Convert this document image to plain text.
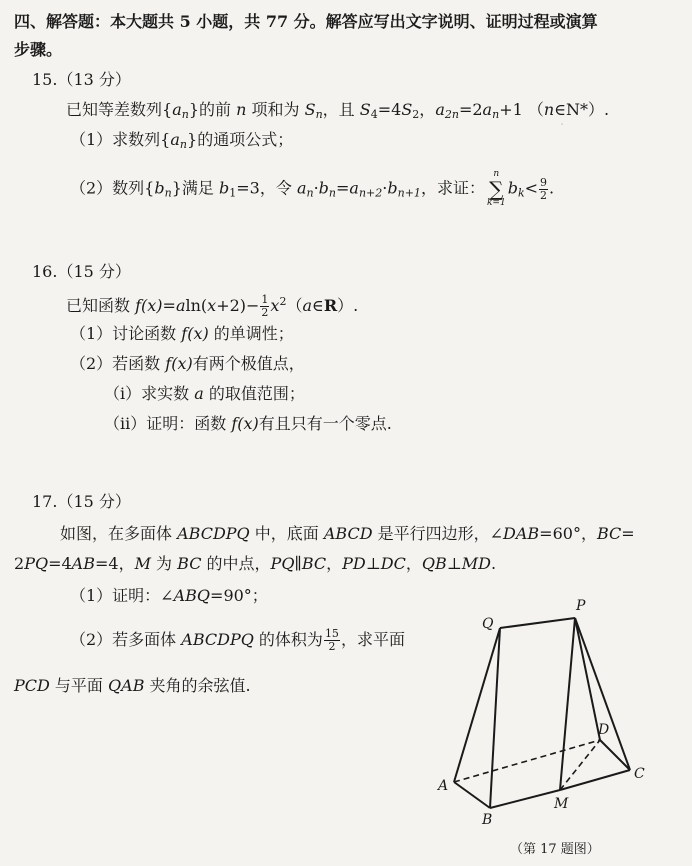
·
四、解答题：本大题共 5 小题，共 77 分。解答应写出文字说明、证明过程或演算
步骤。
15.（13 分）
已知等差数列$\{a_n\}$的前 n 项和为 $S_n$，且 $S_4=4S_2$，$a_{2n}=2a_n+1$ （n∈N*）.
（1）求数列$\{a_n\}$的通项公式；
（2）数列$\{b_n\}$满足 $b_1=3$，令 $a_n\cdot b_n=a_{n+2}\cdot b_{n+1}$，求证：
n
∑
k=1
$b_k< \frac{9}{2}$ .
16.（15 分）
已知函数 $f(x)=aln(x+2)- \frac{1}{2}$ $x^2(a\in R)$.
（1）讨论函数 f(x) 的单调性；
（2）若函数 f(x)有两个极值点，
（i）求实数 a 的取值范围；
（ii）证明：函数 f(x)有且只有一个零点.
17.（15 分）
如图，在多面体 ABCDPQ 中，底面 ABCD 是平行四边形，∠DAB=60°，BC=
2PQ=4AB=4，M 为 BC 的中点，PQ∥BC，PD⊥DC，QB⊥MD.
（1）证明：∠ABQ=90°；
（2）若多面体 ABCDPQ 的体积为 $\frac{15}{2}$ ，求平面
PCD 与平面 QAB 夹角的余弦值.
Q
P
A
B
M
C
D
（第 17 题图）
